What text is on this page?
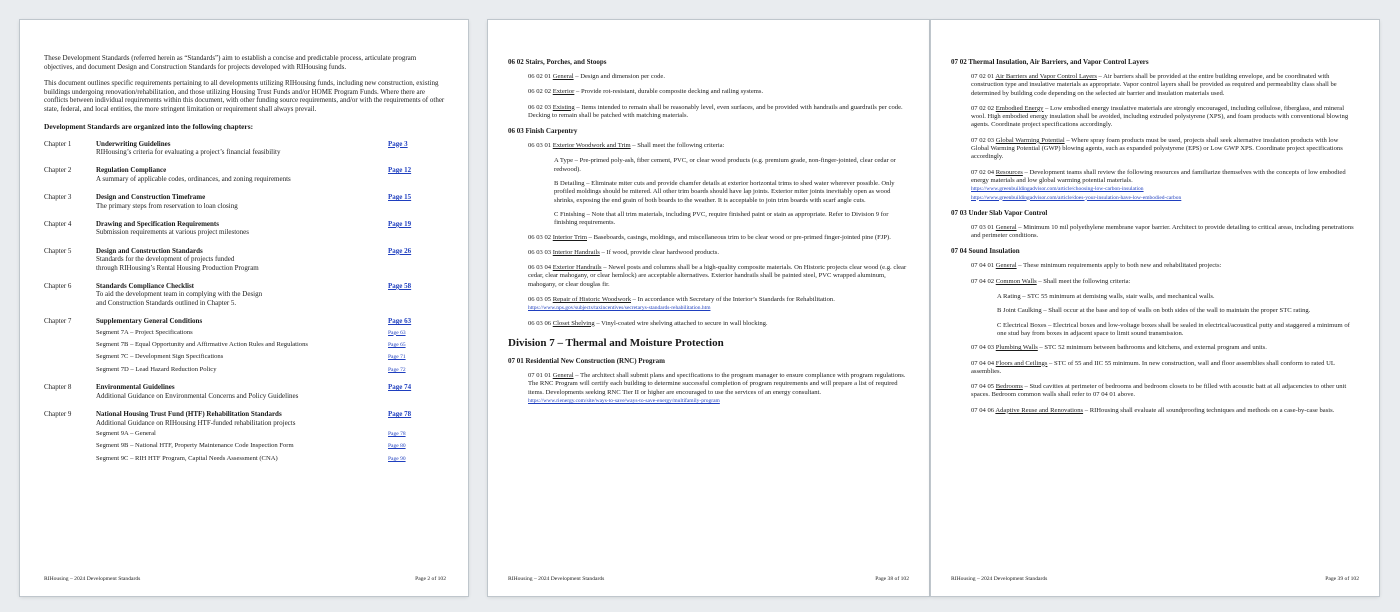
These Development Standards (referred herein as “Standards”) aim to establish a concise and predictable process, articulate program objectives, and document Design and Construction Standards for projects developed with RIHousing funds.

This document outlines specific requirements pertaining to all developments utilizing RIHousing funds, including new construction, existing buildings undergoing renovation/rehabilitation, and those utilizing Housing Trust Funds and/or HOME Program Funds. Where there are conflicts between individual requirements within this document, with other funding source requirements, and/or with the requirements of other state, federal, and local entities, the more stringent limitation or requirement shall always prevail.

Development Standards are organized into the following chapters:

Chapter 1	Underwriting Guidelines
RIHousing’s criteria for evaluating a project’s financial feasibility
Page 3
Chapter 2	Regulation Compliance
A summary of applicable codes, ordinances, and zoning requirements
Page 12
Chapter 3	Design and Construction Timeframe
The primary steps from reservation to loan closing
Page 15
Chapter 4	Drawing and Specification Requirements
Submission requirements at various project milestones
Page 19
Chapter 5	Design and Construction Standards
Standards for the development of projects funded
through RIHousing’s Rental Housing Production Program
Page 26
Chapter 6	Standards Compliance Checklist
To aid the development team in complying with the Design
and Construction Standards outlined in Chapter 5.
Page 58
Chapter 7	Supplementary General Conditions	Page 63
Segment 7A – Project Specifications	Page 63
Segment 7B – Equal Opportunity and Affirmative Action Rules and Regulations	Page 65
Segment 7C – Development Sign Specifications	Page 71
Segment 7D – Lead Hazard Reduction Policy	Page 72
Chapter 8	Environmental Guidelines
Additional Guidance on Environmental Concerns and Policy Guidelines
Page 74
Chapter 9	National Housing Trust Fund (HTF) Rehabilitation Standards
Additional Guidance on RIHousing HTF-funded rehabilitation projects
Page 78
Segment 9A – General	Page 78
Segment 9B – National HTF, Property Maintenance Code Inspection Form	Page 80
Segment 9C – RIH HTF Program, Capital Needs Assessment (CNA)	Page 90
RIHousing – 2024 Development Standards	Page 2 of 102

06 02 Stairs, Porches, and Stoops

06 02 01 General – Design and dimension per code.

06 02 02 Exterior – Provide rot-resistant, durable composite decking and railing systems.

06 02 03 Existing – Items intended to remain shall be reasonably level, even surfaces, and be provided with handrails and guardrails per code. Decking to remain shall be patched with matching materials.

06 03 Finish Carpentry

06 03 01 Exterior Woodwork and Trim – Shall meet the following criteria:

A Type – Pre-primed poly-ash, fiber cement, PVC, or clear wood products (e.g. premium grade, non-finger-jointed, clear cedar or redwood).

B Detailing – Eliminate miter cuts and provide chamfer details at exterior horizontal trims to shed water wherever possible. Only profiled moldings should be mitered. All other trim boards should have lap joints. Exterior miter joints inevitably open as wood shrinks, exposing the end grain of both boards to the weather. It is acceptable to join trim boards with scarf angle cuts.

C Finishing – Note that all trim materials, including PVC, require finished paint or stain as appropriate. Refer to Division 9 for finishing requirements.

06 03 02 Interior Trim – Baseboards, casings, moldings, and miscellaneous trim to be clear wood or pre-primed finger-jointed pine (FJP).

06 03 03 Interior Handrails – If wood, provide clear hardwood products.

06 03 04 Exterior Handrails – Newel posts and columns shall be a high-quality composite materials. On Historic projects clear wood (e.g. clear cedar, clear mahogany, or clear hemlock) are acceptable alternatives. Exterior handrails shall be painted steel, PVC wrapped aluminum, mahogany, or clear douglas fir.

06 03 05 Repair of Historic Woodwork – In accordance with Secretary of the Interior’s Standards for Rehabilitation. https://www.nps.gov/subjects/taxincentives/secretarys-standards-rehabilitation.htm

06 03 06 Closet Shelving – Vinyl-coated wire shelving attached to secure in wall blocking.

Division 7 – Thermal and Moisture Protection

07 01 Residential New Construction (RNC) Program

07 01 01 General – The architect shall submit plans and specifications to the program manager to ensure compliance with program regulations. The RNC Program will certify each building to determine successful completion of program requirements and will prepare a list of required items. Developments seeking RNC Tier II or higher are encouraged to use the services of an energy consultant.
https://www.rienergy.com/site/ways-to-save/ways-to-save-energy/multifamily-program

RIHousing – 2024 Development Standards	Page 38 of 102

07 02 Thermal Insulation, Air Barriers, and Vapor Control Layers

07 02 01 Air Barriers and Vapor Control Layers – Air barriers shall be provided at the entire building envelope, and be coordinated with construction type and insulative materials as appropriate. Vapor control layers shall be provided as required and permeability class shall be determined by building code depending on the selected air barrier and insulation materials used.

07 02 02 Embodied Energy – Low embodied energy insulative materials are strongly encouraged, including cellulose, fiberglass, and mineral wool. High embodied energy insulation shall be avoided, including extruded polystyrene (XPS), and foam products with conventional blowing agents. Coordinate project specifications accordingly.

07 02 03 Global Warming Potential – Where spray foam products must be used, projects shall seek alternative insulation products with low Global Warming Potential (GWP) blowing agents, such as expanded polystyrene (EPS) or Low GWP XPS. Coordinate project specifications accordingly.

07 02 04 Resources – Development teams shall review the following resources and familiarize themselves with the concepts of low embodied energy materials and low global warming potential materials.
https://www.greenbuildingadvisor.com/article/choosing-low-carbon-insulation
https://www.greenbuildingadvisor.com/article/does-your-insulation-have-low-embodied-carbon

07 03 Under Slab Vapor Control

07 03 01 General – Minimum 10 mil polyethylene membrane vapor barrier. Architect to provide detailing to critical areas, including penetrations and perimeter conditions.

07 04 Sound Insulation

07 04 01 General – These minimum requirements apply to both new and rehabilitated projects:

07 04 02 Common Walls – Shall meet the following criteria:

A Rating – STC 55 minimum at demising walls, stair walls, and mechanical walls.

B Joint Caulking – Shall occur at the base and top of walls on both sides of the wall to maintain the proper STC rating.

C Electrical Boxes – Electrical boxes and low-voltage boxes shall be sealed in electrical/acoustical putty and staggered a minimum of one stud bay from boxes in adjacent space to limit sound transmission.

07 04 03 Plumbing Walls – STC 52 minimum between bathrooms and kitchens, and external program and units.

07 04 04 Floors and Ceilings – STC of 55 and IIC 55 minimum. In new construction, wall and floor assemblies shall conform to rated UL assemblies.

07 04 05 Bedrooms – Stud cavities at perimeter of bedrooms and bedroom closets to be filled with acoustic batt at all adjacencies to other unit spaces. Bedroom common walls shall refer to 07 04 01 above.

07 04 06 Adaptive Reuse and Renovations – RIHousing shall evaluate all soundproofing techniques and methods on a case-by-case basis.

RIHousing – 2024 Development Standards	Page 39 of 102
